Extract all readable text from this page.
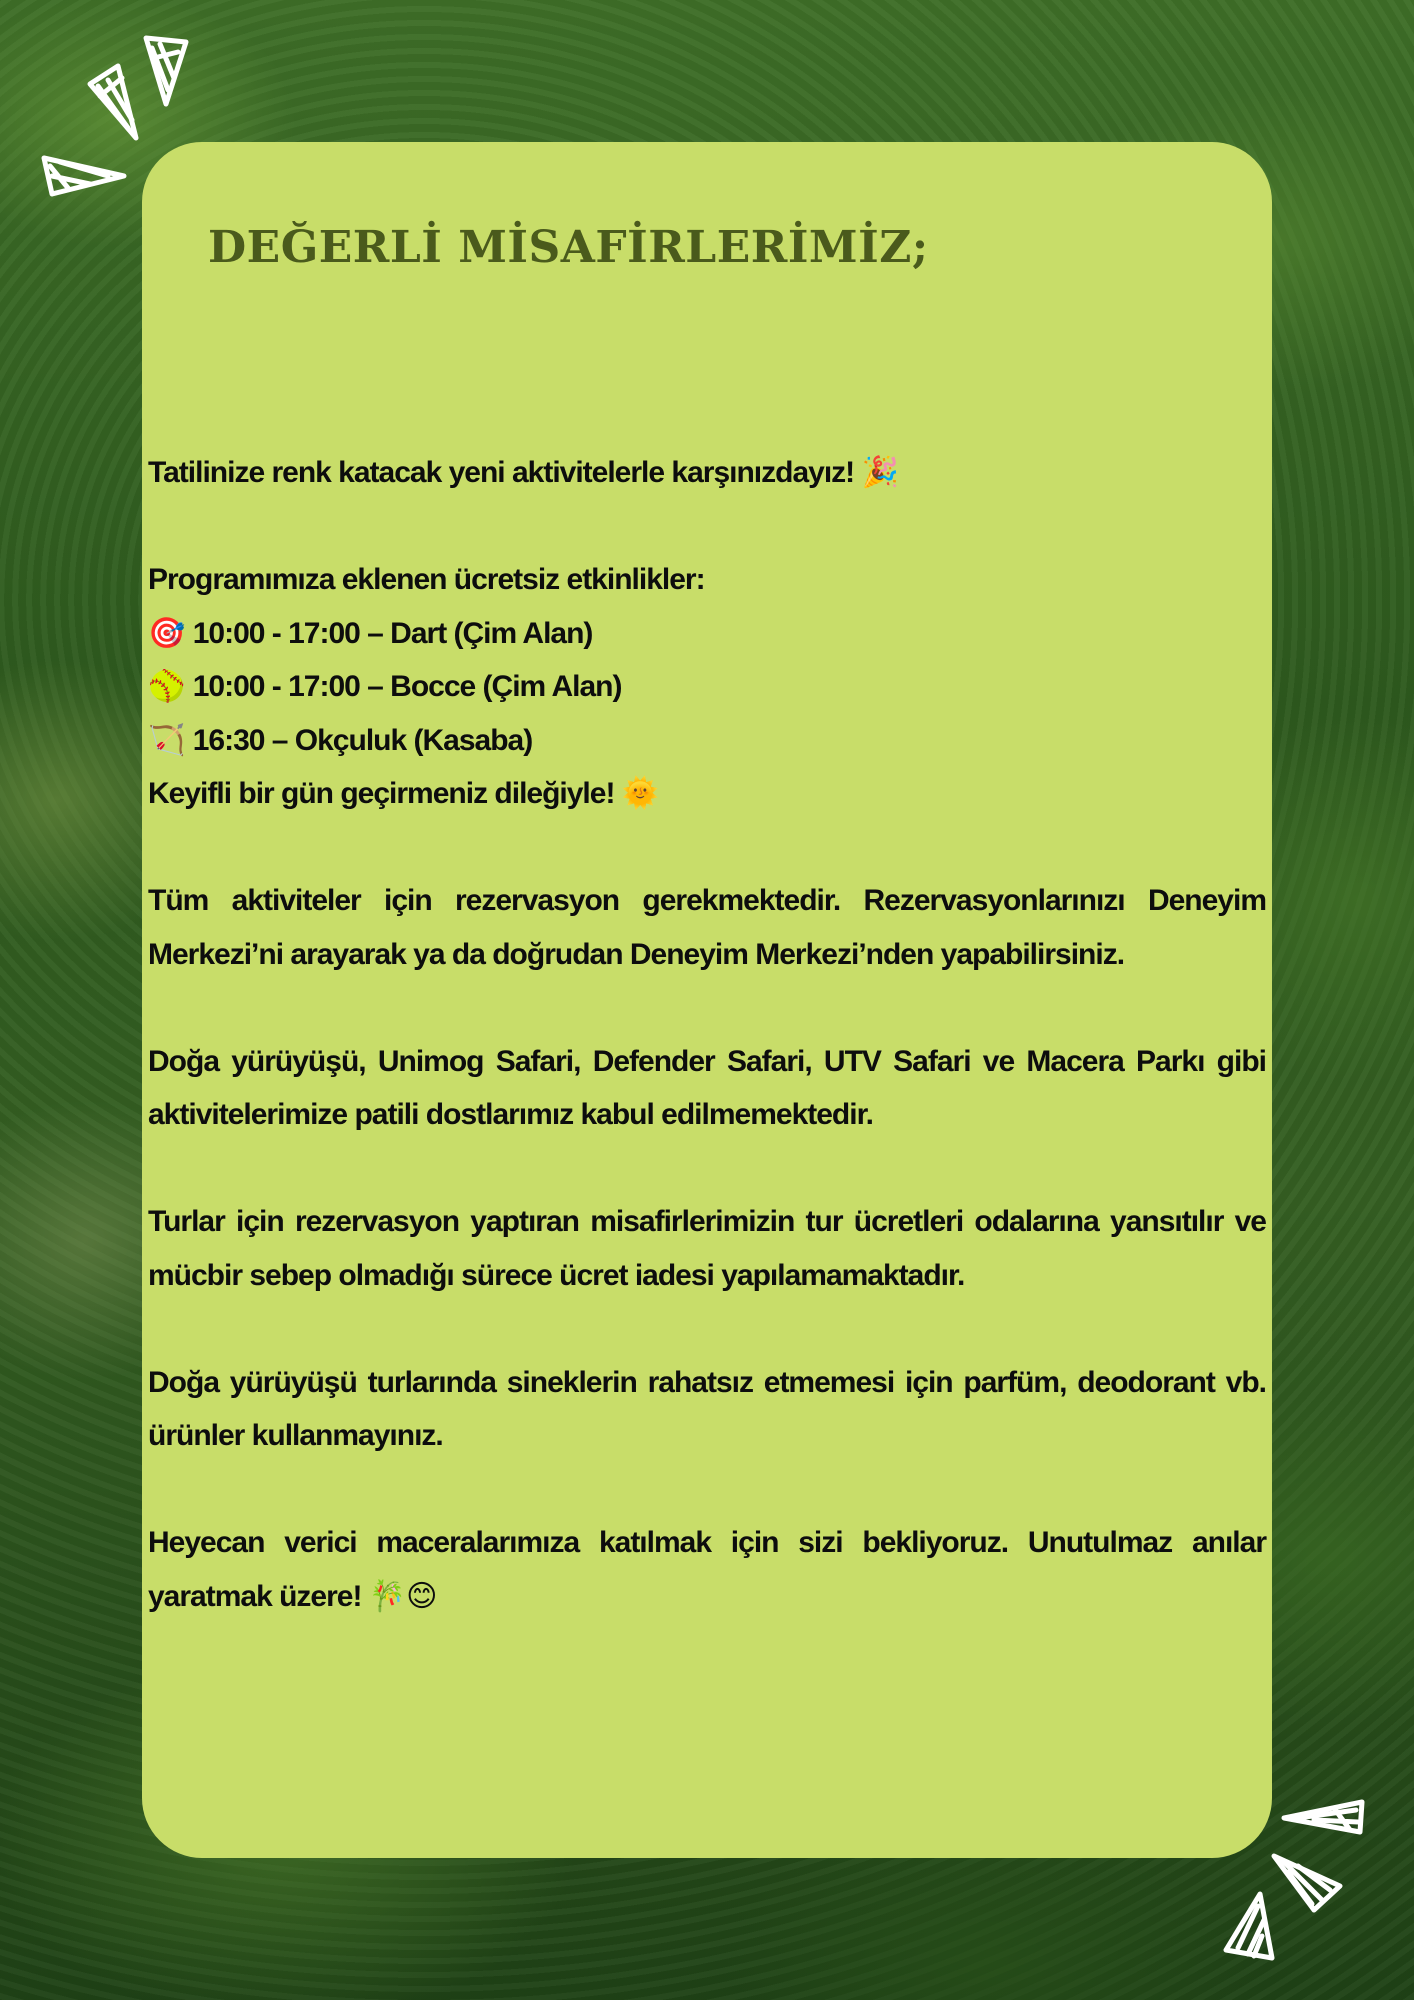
DEĞERLİ MİSAFİRLERİMİZ;

Tatilinize renk katacak yeni aktivitelerle karşınızdayız! 🎉

Programımıza eklenen ücretsiz etkinlikler:

🎯 10:00 - 17:00 – Dart (Çim Alan)

🥎 10:00 - 17:00 – Bocce (Çim Alan)

🏹 16:30 – Okçuluk (Kasaba)

Keyifli bir gün geçirmeniz dileğiyle! 🌞

Tüm aktiviteler için rezervasyon gerekmektedir. Rezervasyonlarınızı Deneyim Merkezi’ni arayarak ya da doğrudan Deneyim Merkezi’nden yapabilirsiniz.

Doğa yürüyüşü, Unimog Safari, Defender Safari, UTV Safari ve Macera Parkı gibi aktivitelerimize patili dostlarımız kabul edilmemektedir.

Turlar için rezervasyon yaptıran misafirlerimizin tur ücretleri odalarına yansıtılır ve mücbir sebep olmadığı sürece ücret iadesi yapılamamaktadır.

Doğa yürüyüşü turlarında sineklerin rahatsız etmemesi için parfüm, deodorant vb. ürünler kullanmayınız.

Heyecan verici maceralarımıza katılmak için sizi bekliyoruz. Unutulmaz anılar yaratmak üzere! 🎋😊
